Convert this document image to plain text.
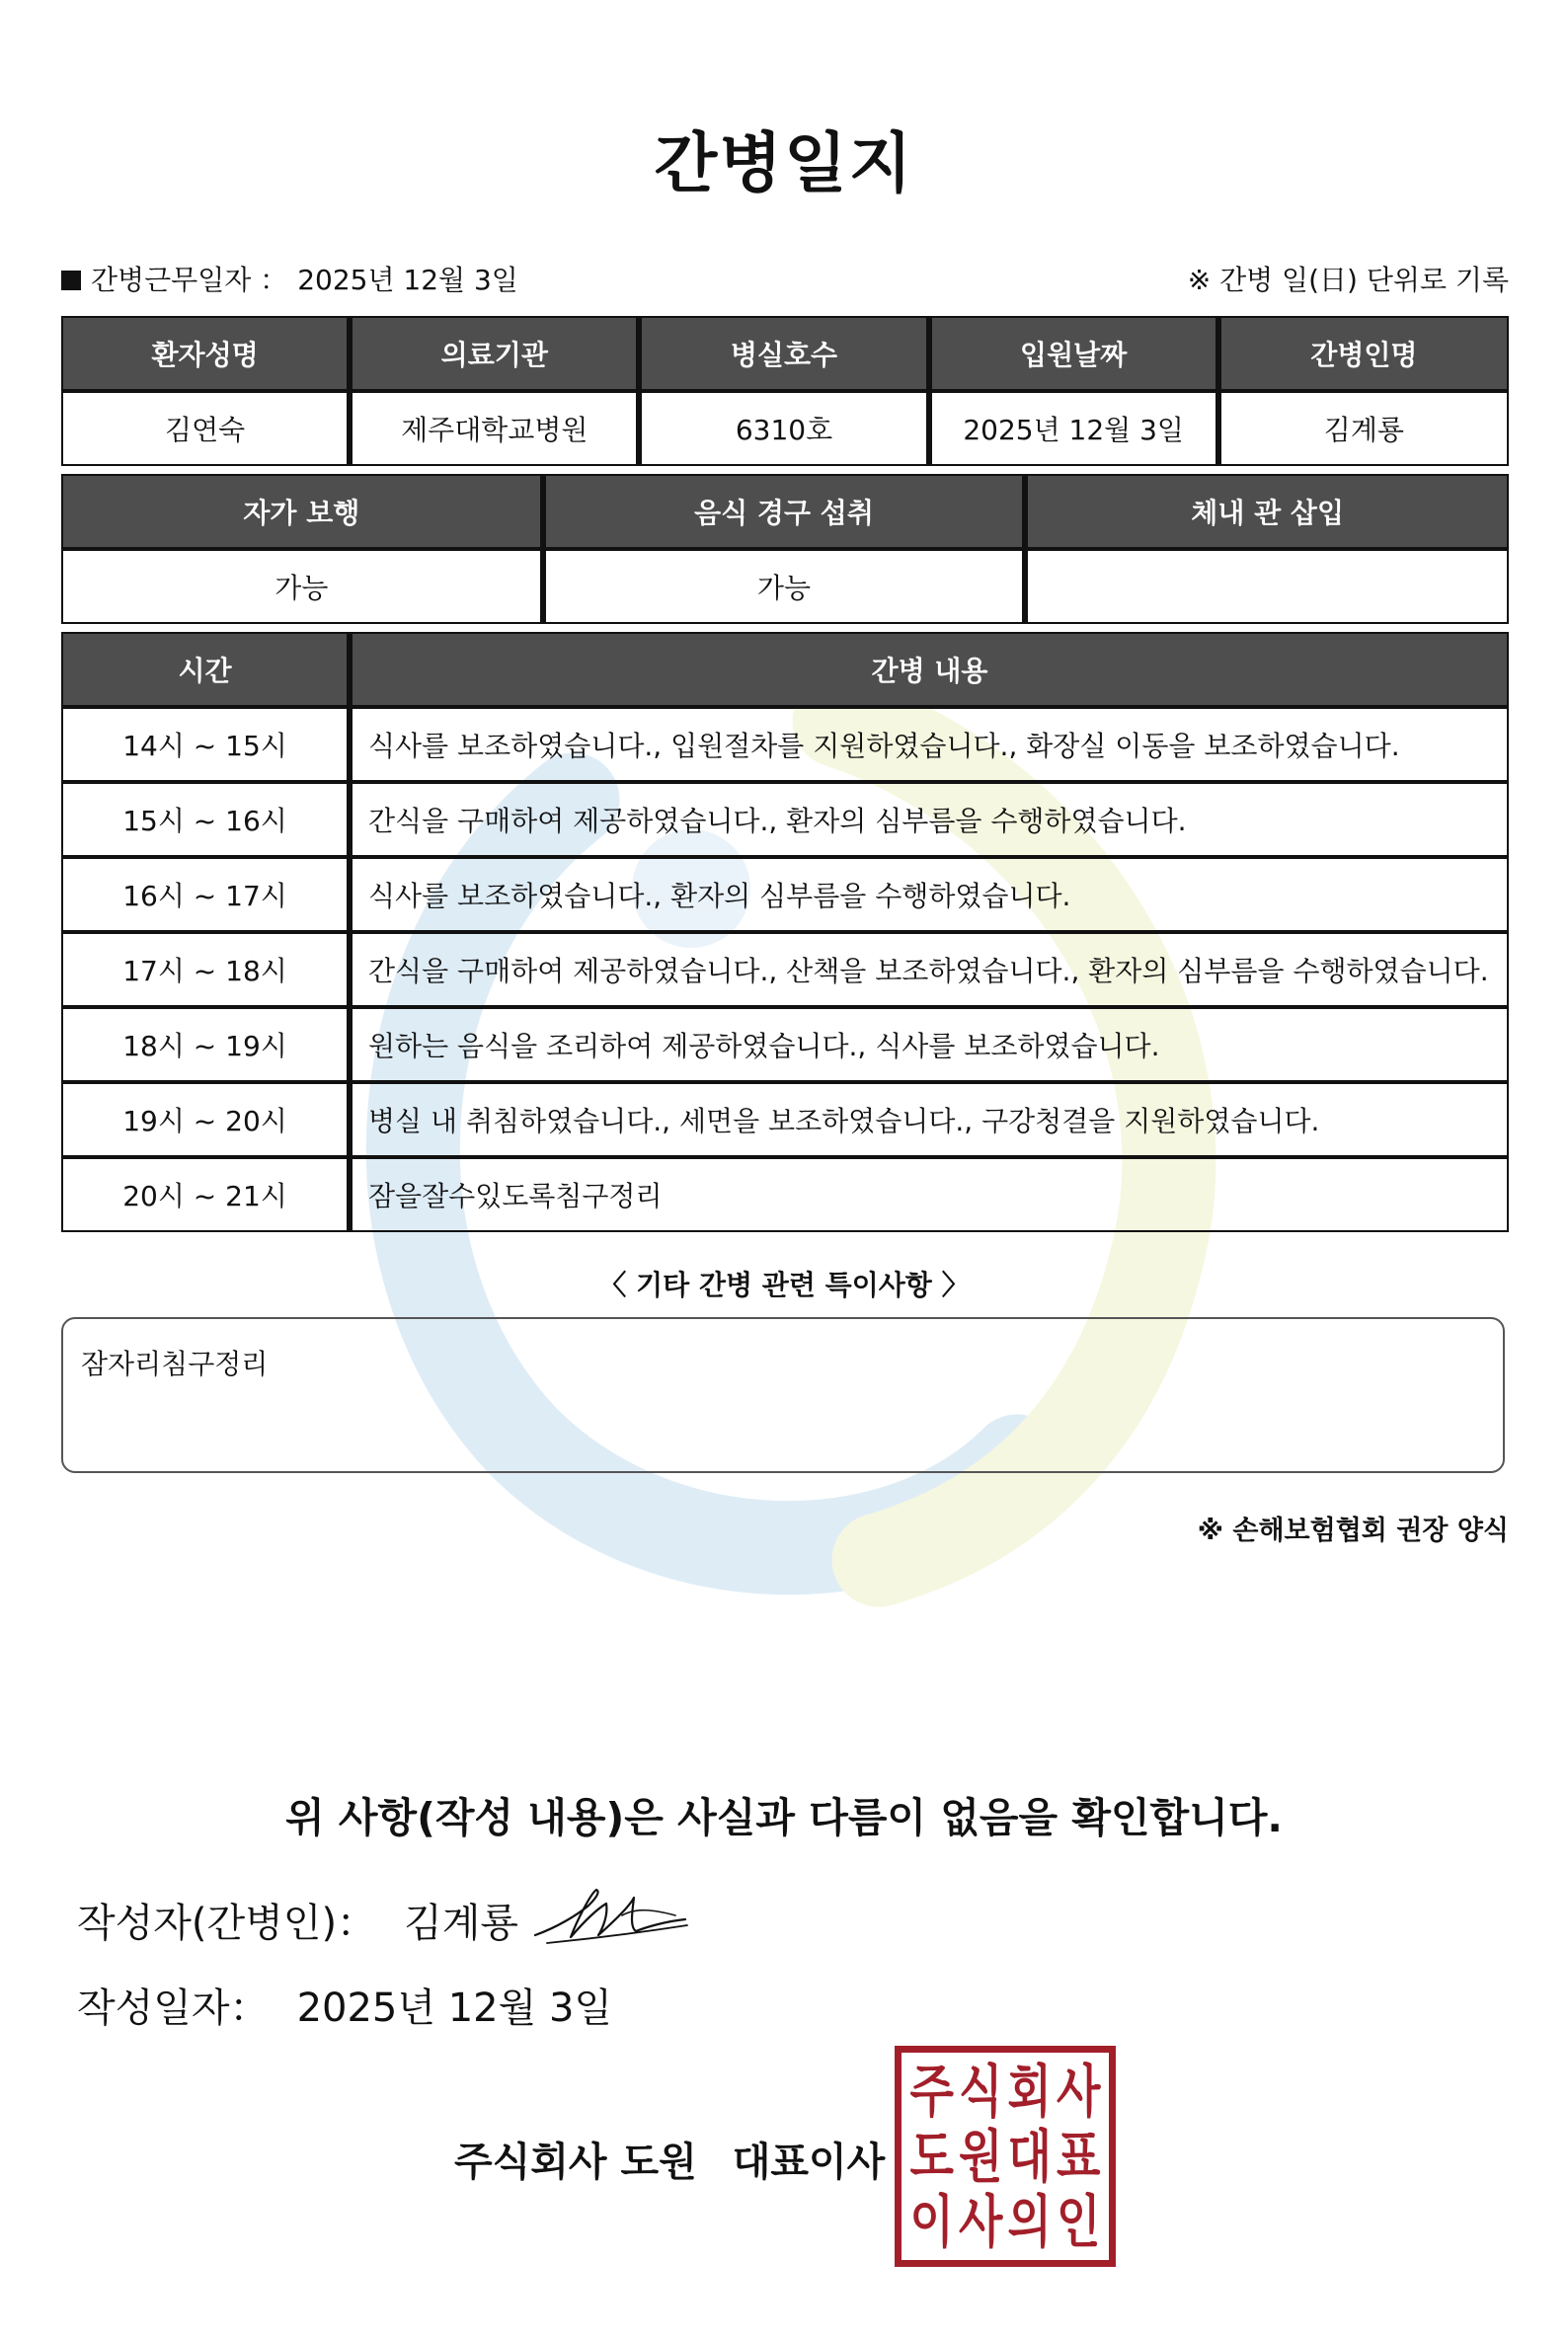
간병일지
간병근무일자 ： 2025년 12월 3일	※ 간병 일(日) 단위로 기록
환자성명	의료기관	병실호수	입원날짜	간병인명
김연숙	제주대학교병원	6310호	2025년 12월 3일	김계룡
자가 보행	음식 경구 섭취	체내 관 삽입
가능	가능	
시간	간병 내용
14시 ~ 15시	식사를 보조하였습니다., 입원절차를 지원하였습니다., 화장실 이동을 보조하였습니다.
15시 ~ 16시	간식을 구매하여 제공하였습니다., 환자의 심부름을 수행하였습니다.
16시 ~ 17시	식사를 보조하였습니다., 환자의 심부름을 수행하였습니다.
17시 ~ 18시	간식을 구매하여 제공하였습니다., 산책을 보조하였습니다., 환자의 심부름을 수행하였습니다.
18시 ~ 19시	원하는 음식을 조리하여 제공하였습니다., 식사를 보조하였습니다.
19시 ~ 20시	병실 내 취침하였습니다., 세면을 보조하였습니다., 구강청결을 지원하였습니다.
20시 ~ 21시	잠을잘수있도록침구정리
〈 기타 간병 관련 특이사항 〉
잠자리침구정리
※ 손해보험협회 권장 양식
위 사항(작성 내용)은 사실과 다름이 없음을 확인합니다.
작성자(간병인)： 김계룡
작성일자： 2025년 12월 3일
주식회사 도원 대표이사
주 식 회 사
도 원 대 표
이 사 의 인
